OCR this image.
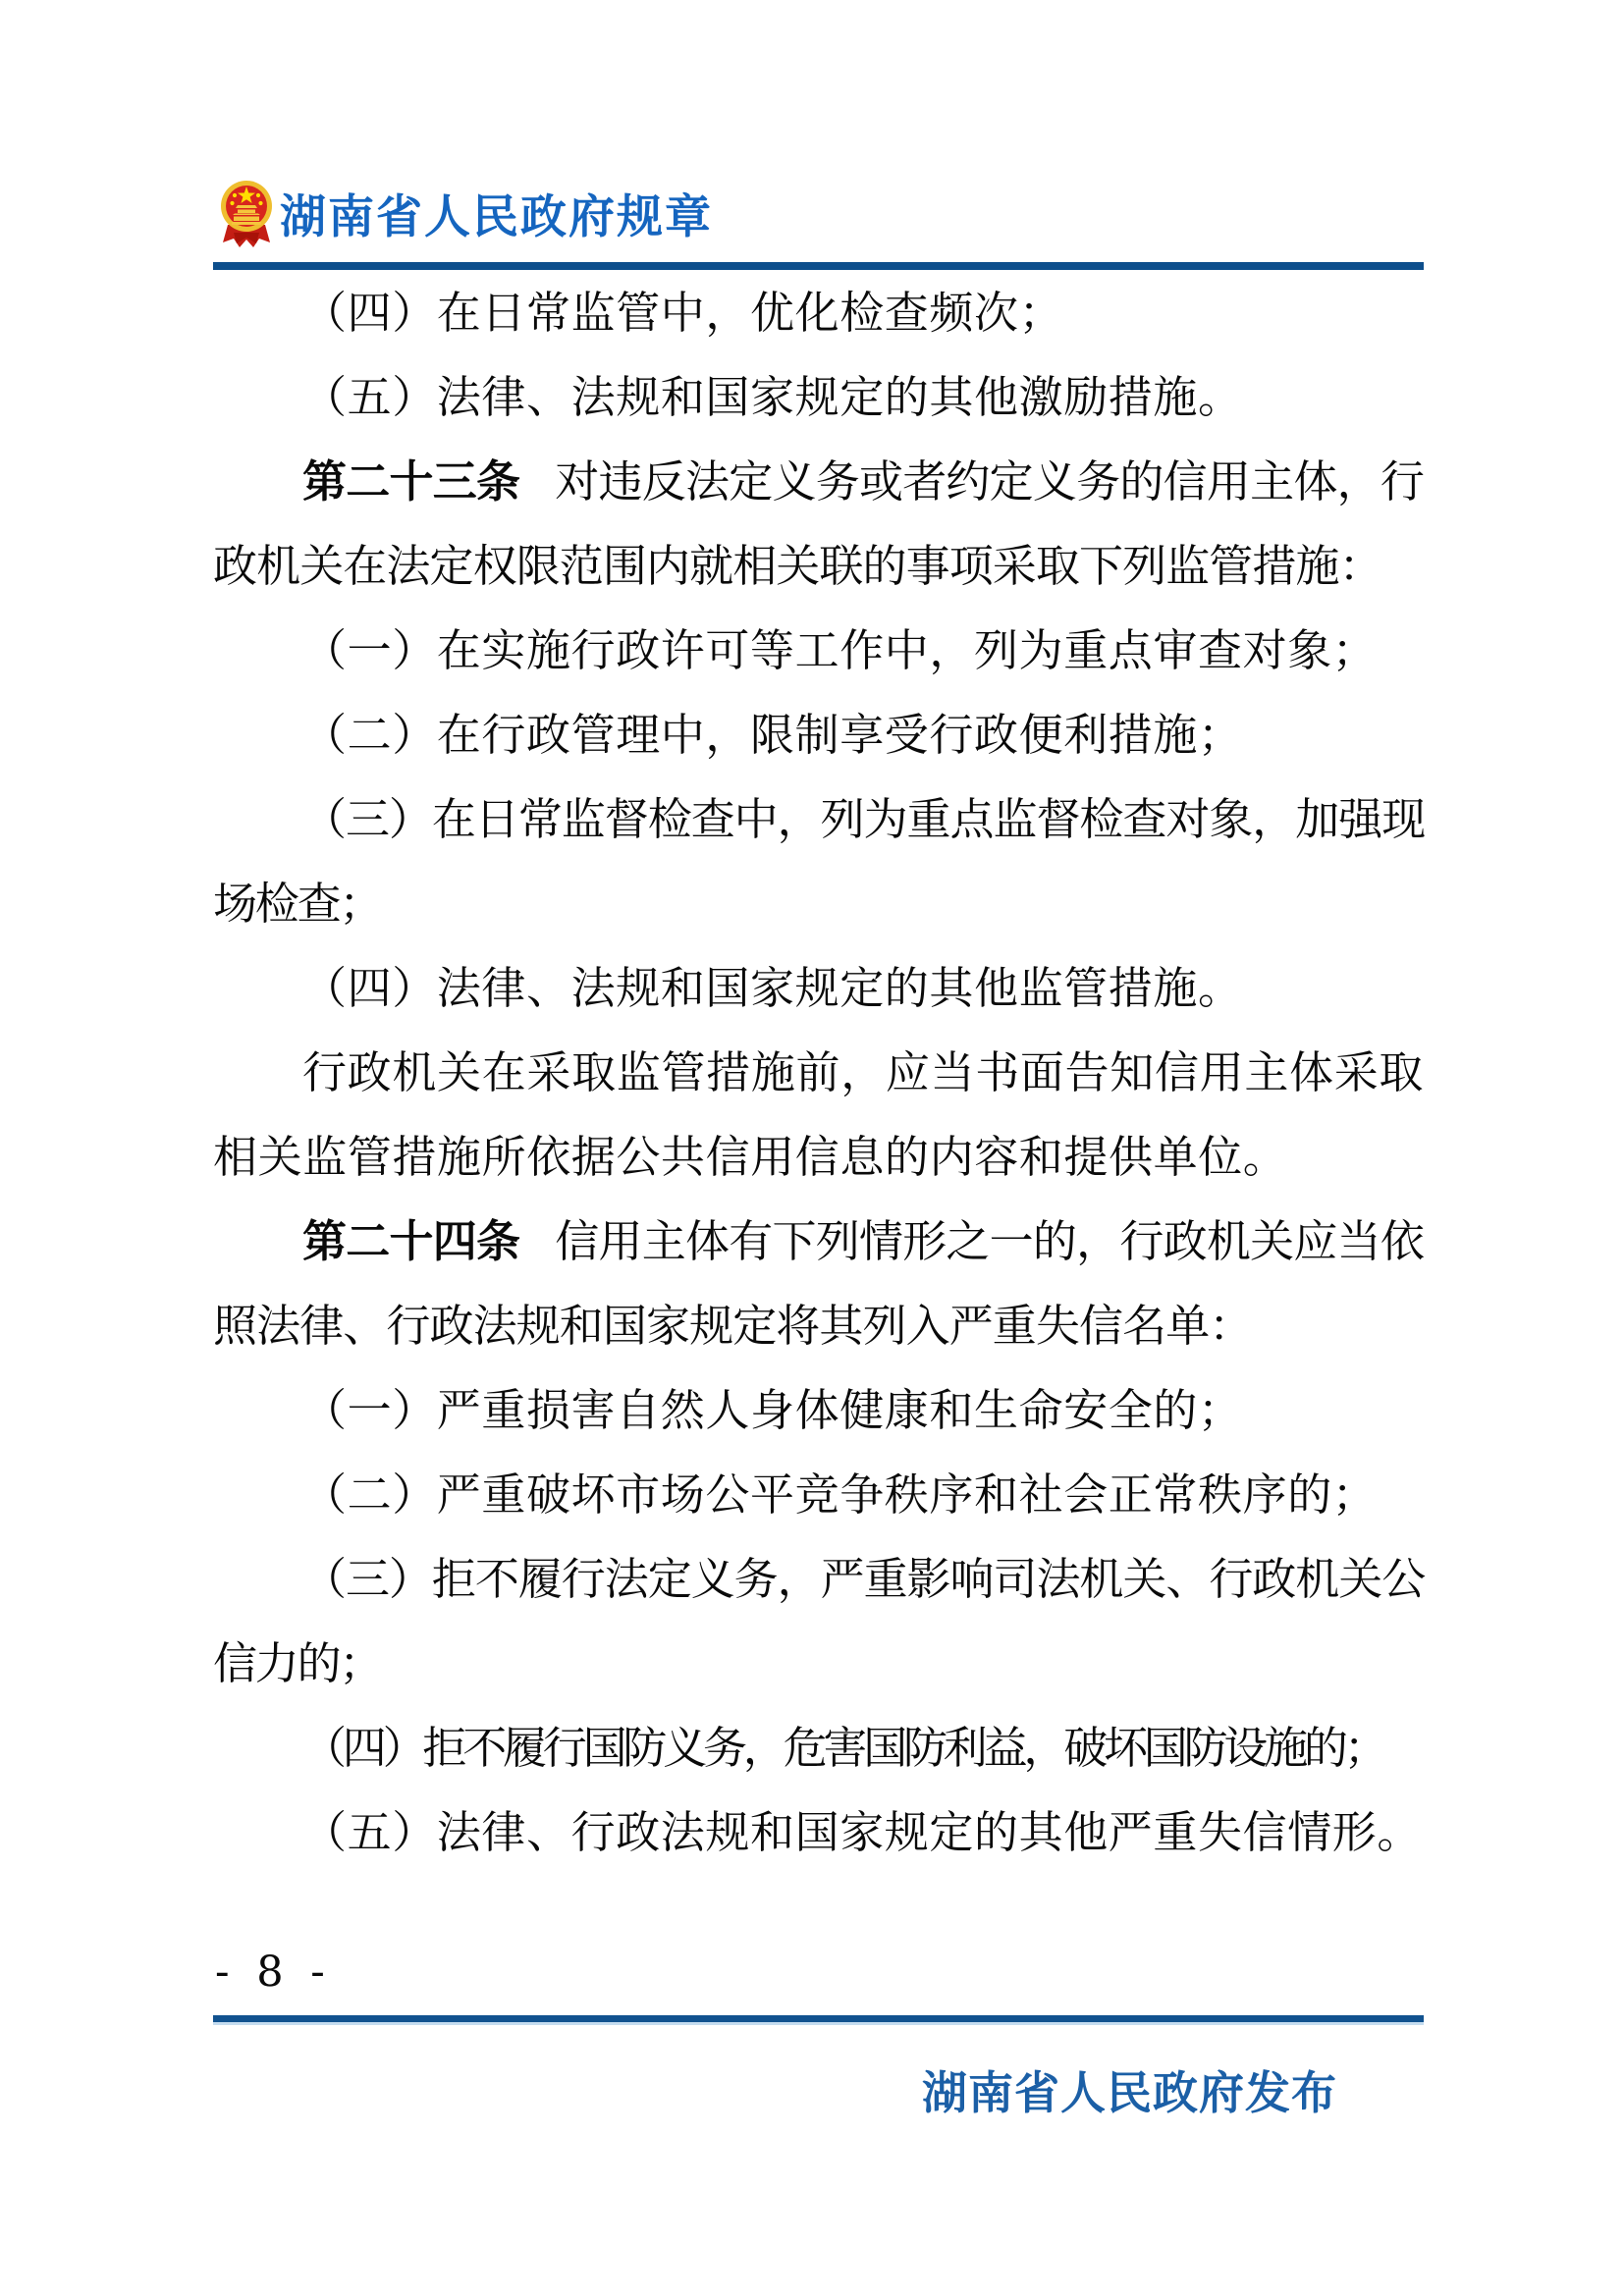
湖南省人民政府规章

（四）在日常监管中，优化检查频次；

（五）法律、法规和国家规定的其他激励措施。

第二十三条 对违反法定义务或者约定义务的信用主体，行政机关在法定权限范围内就相关联的事项采取下列监管措施：

（一）在实施行政许可等工作中，列为重点审查对象；

（二）在行政管理中，限制享受行政便利措施；

（三）在日常监督检查中，列为重点监督检查对象，加强现场检查；

（四）法律、法规和国家规定的其他监管措施。

行政机关在采取监管措施前，应当书面告知信用主体采取相关监管措施所依据公共信用信息的内容和提供单位。

第二十四条 信用主体有下列情形之一的，行政机关应当依照法律、行政法规和国家规定将其列入严重失信名单：

（一）严重损害自然人身体健康和生命安全的；

（二）严重破坏市场公平竞争秩序和社会正常秩序的；

（三）拒不履行法定义务，严重影响司法机关、行政机关公信力的；

（四）拒不履行国防义务，危害国防利益，破坏国防设施的；

（五）法律、行政法规和国家规定的其他严重失信情形。

- 8 -
湖南省人民政府发布
